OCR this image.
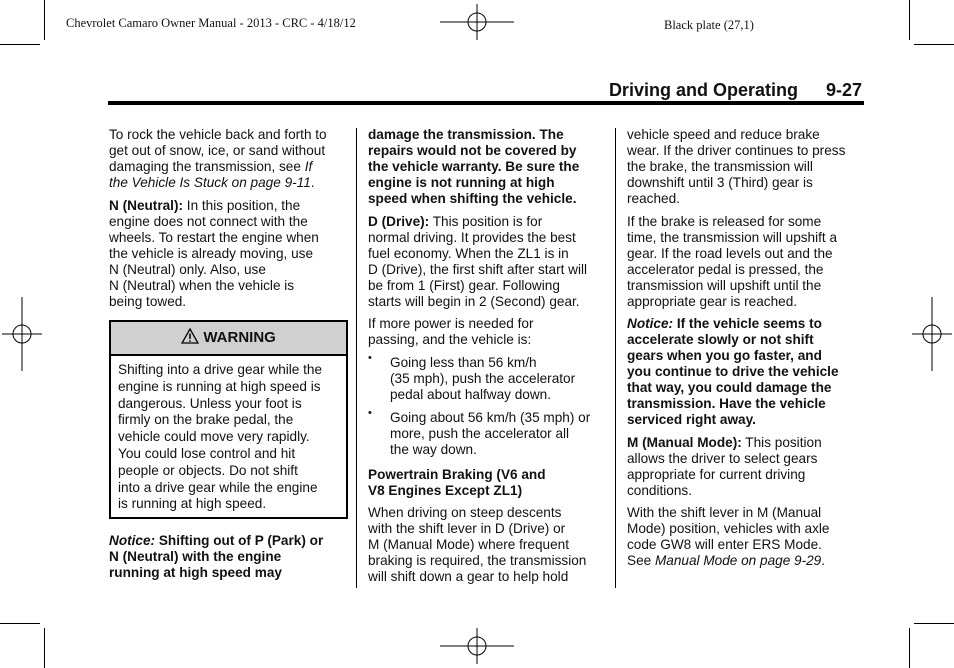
Chevrolet Camaro Owner Manual - 2013 - CRC - 4/18/12	Black plate (27,1)
Driving and Operating 9-27
WARNING
Shifting into a drive gear while the
engine is running at high speed is
dangerous. Unless your foot is
firmly on the brake pedal, the
vehicle could move very rapidly.
You could lose control and hit
people or objects. Do not shift
into a drive gear while the engine
is running at high speed.
To rock the vehicle back and forth to
get out of snow, ice, or sand without
damaging the transmission, see If
the Vehicle Is Stuck on page 9-11.
N (Neutral): In this position, the
engine does not connect with the
wheels. To restart the engine when
the vehicle is already moving, use
N (Neutral) only. Also, use
N (Neutral) when the vehicle is
being towed.
Notice: Shifting out of P (Park) or
N (Neutral) with the engine
running at high speed may
damage the transmission. The
repairs would not be covered by
the vehicle warranty. Be sure the
engine is not running at high
speed when shifting the vehicle.
D (Drive): This position is for
normal driving. It provides the best
fuel economy. When the ZL1 is in
D (Drive), the first shift after start will
be from 1 (First) gear. Following
starts will begin in 2 (Second) gear.
If more power is needed for
passing, and the vehicle is:
Going less than 56 km/h
(35 mph), push the accelerator
pedal about halfway down.
•
Going about 56 km/h (35 mph) or
more, push the accelerator all
the way down.
•
Powertrain Braking (V6 and
V8 Engines Except ZL1)
When driving on steep descents
with the shift lever in D (Drive) or
M (Manual Mode) where frequent
braking is required, the transmission
will shift down a gear to help hold
vehicle speed and reduce brake
wear. If the driver continues to press
the brake, the transmission will
downshift until 3 (Third) gear is
reached.
If the brake is released for some
time, the transmission will upshift a
gear. If the road levels out and the
accelerator pedal is pressed, the
transmission will upshift until the
appropriate gear is reached.
Notice: If the vehicle seems to
accelerate slowly or not shift
gears when you go faster, and
you continue to drive the vehicle
that way, you could damage the
transmission. Have the vehicle
serviced right away.
M (Manual Mode): This position
allows the driver to select gears
appropriate for current driving
conditions.
With the shift lever in M (Manual
Mode) position, vehicles with axle
code GW8 will enter ERS Mode.
See Manual Mode on page 9-29.
